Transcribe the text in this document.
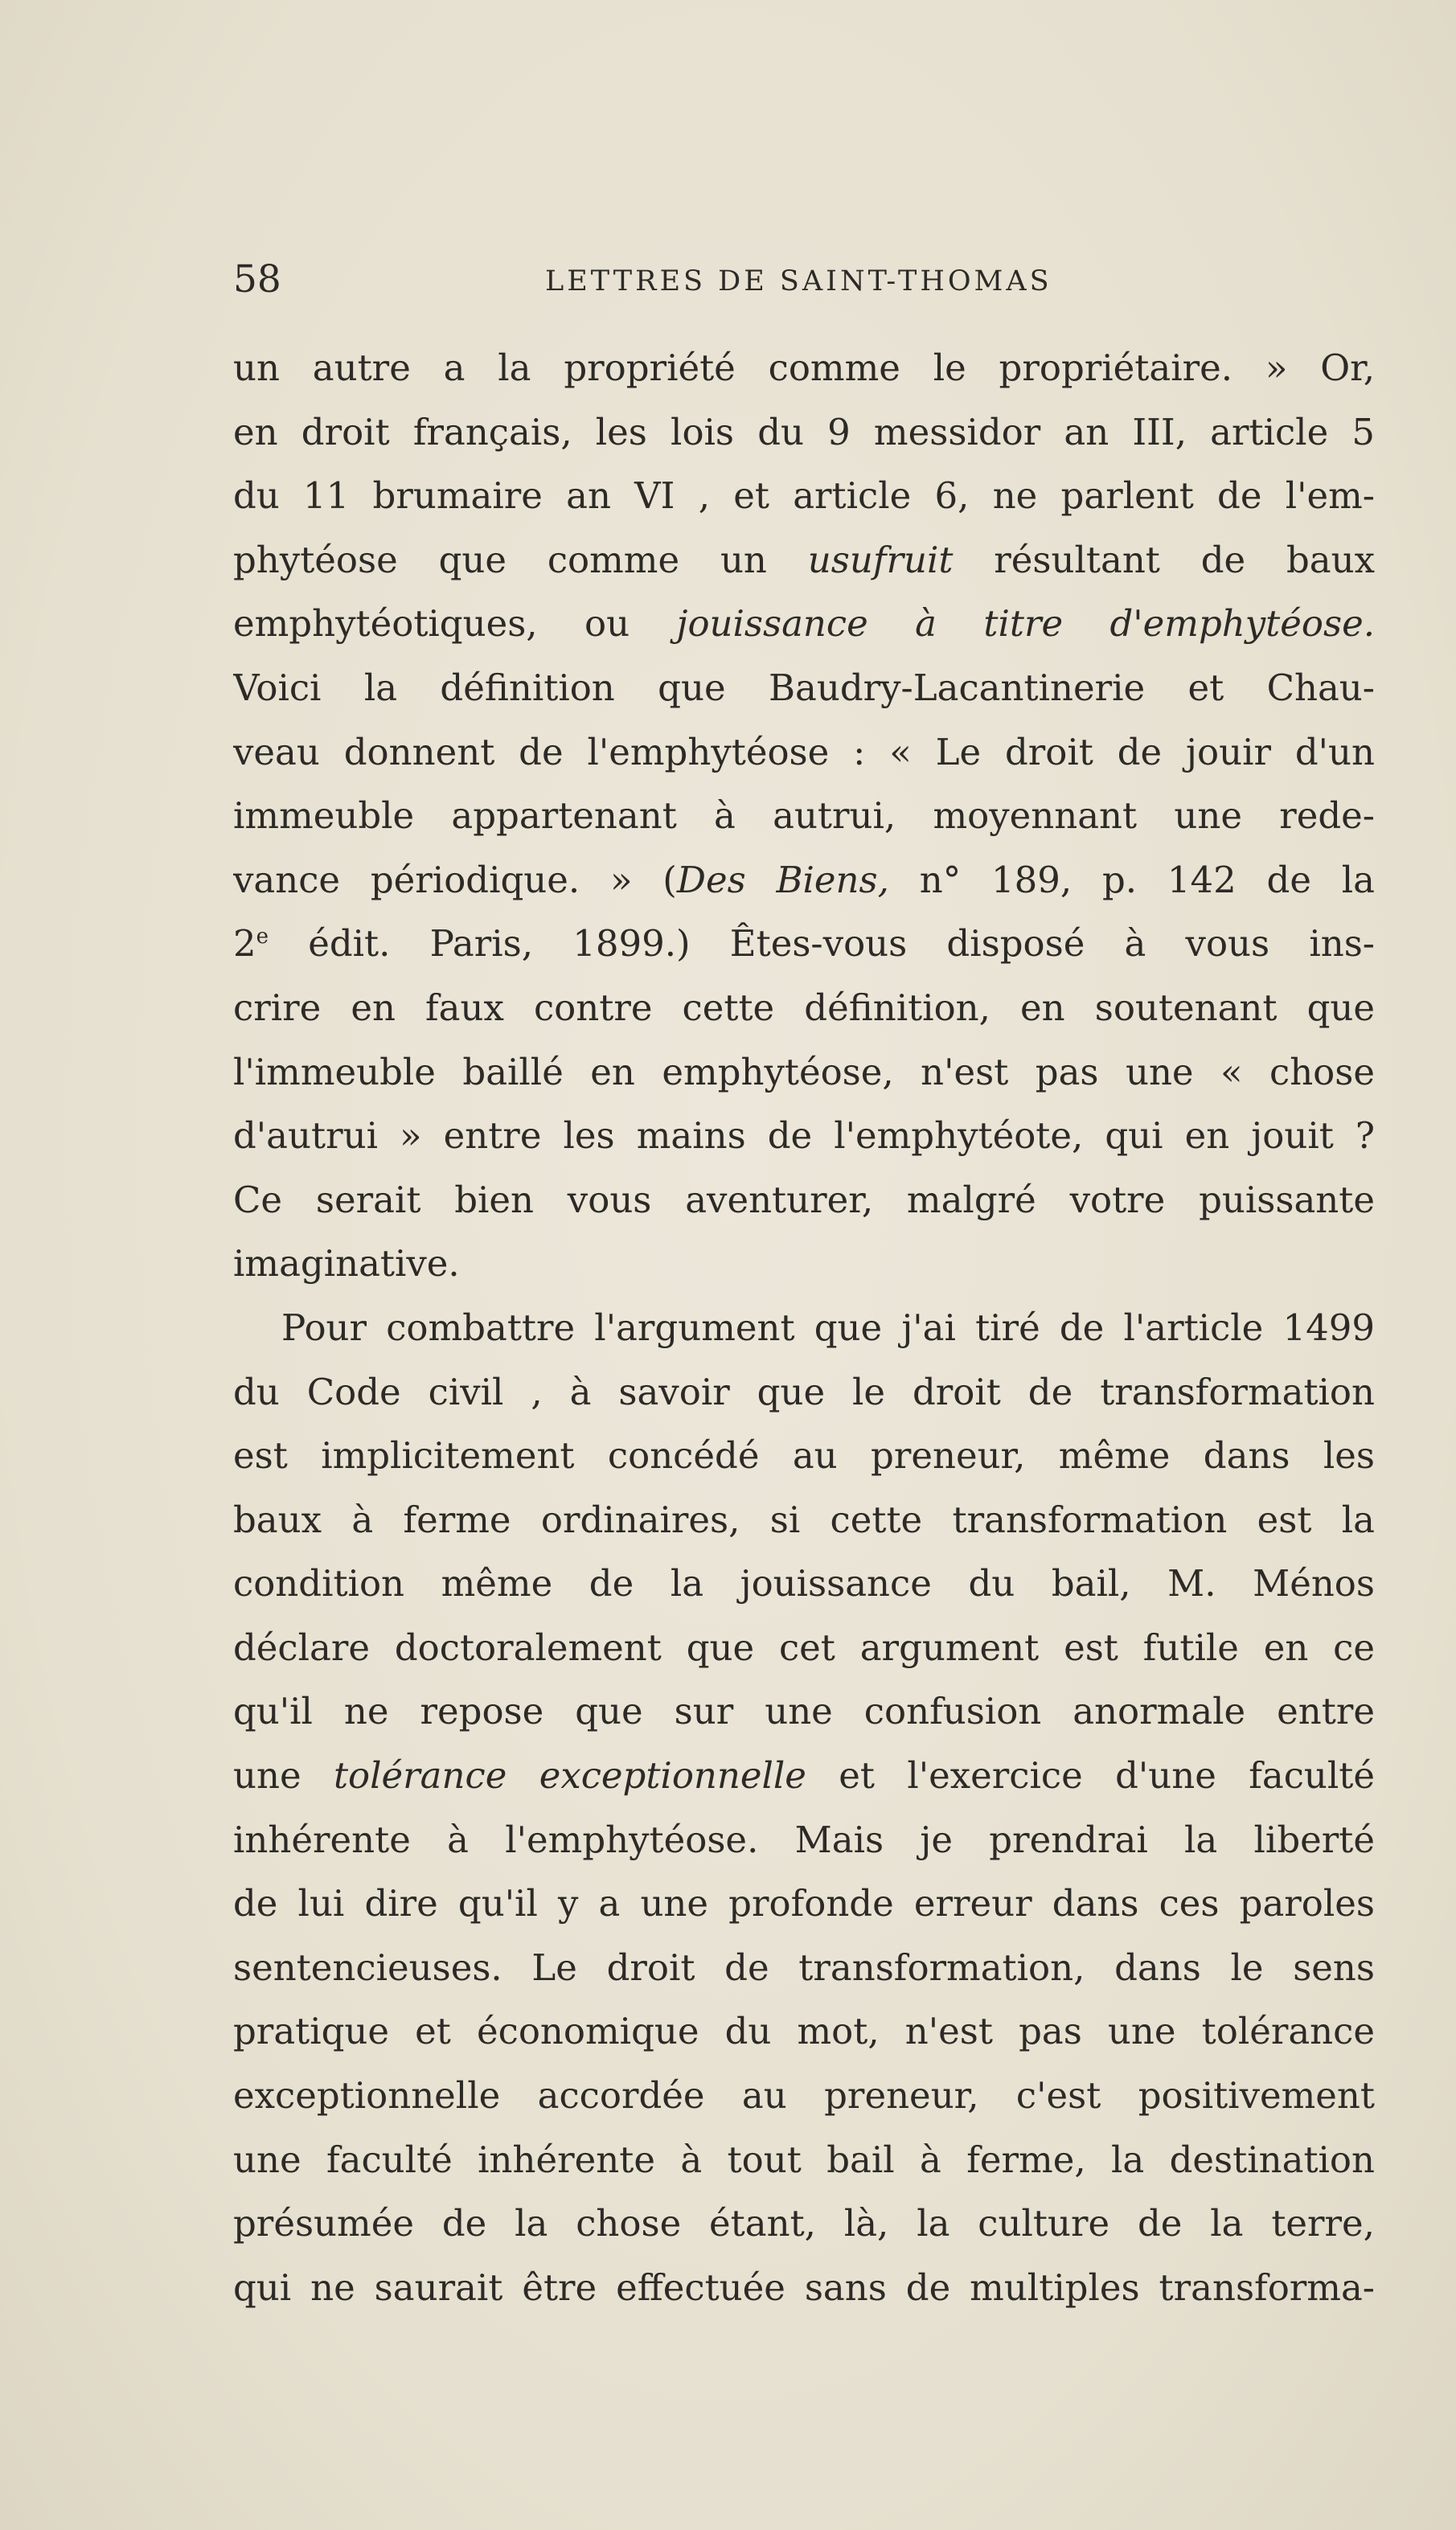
58	LETTRES DE SAINT-THOMAS
un autre a la propriété comme le propriétaire. » Or,
en droit français, les lois du 9 messidor an III, article 5
du 11 brumaire an VI , et article 6, ne parlent de l'em-
phytéose que comme un usufruit résultant de baux
emphytéotiques, ou jouissance à titre d'emphytéose.
Voici la définition que Baudry-Lacantinerie et Chau-
veau donnent de l'emphytéose : « Le droit de jouir d'un
immeuble appartenant à autrui, moyennant une rede-
vance périodique. » (Des Biens, n° 189, p. 142 de la
2e édit. Paris, 1899.) Êtes-vous disposé à vous ins-
crire en faux contre cette définition, en soutenant que
l'immeuble baillé en emphytéose, n'est pas une « chose
d'autrui » entre les mains de l'emphytéote, qui en jouit ?
Ce serait bien vous aventurer, malgré votre puissante
imaginative.
Pour combattre l'argument que j'ai tiré de l'article 1499
du Code civil , à savoir que le droit de transformation
est implicitement concédé au preneur, même dans les
baux à ferme ordinaires, si cette transformation est la
condition même de la jouissance du bail, M. Ménos
déclare doctoralement que cet argument est futile en ce
qu'il ne repose que sur une confusion anormale entre
une tolérance exceptionnelle et l'exercice d'une faculté
inhérente à l'emphytéose. Mais je prendrai la liberté
de lui dire qu'il y a une profonde erreur dans ces paroles
sentencieuses. Le droit de transformation, dans le sens
pratique et économique du mot, n'est pas une tolérance
exceptionnelle accordée au preneur, c'est positivement
une faculté inhérente à tout bail à ferme, la destination
présumée de la chose étant, là, la culture de la terre,
qui ne saurait être effectuée sans de multiples transforma-
